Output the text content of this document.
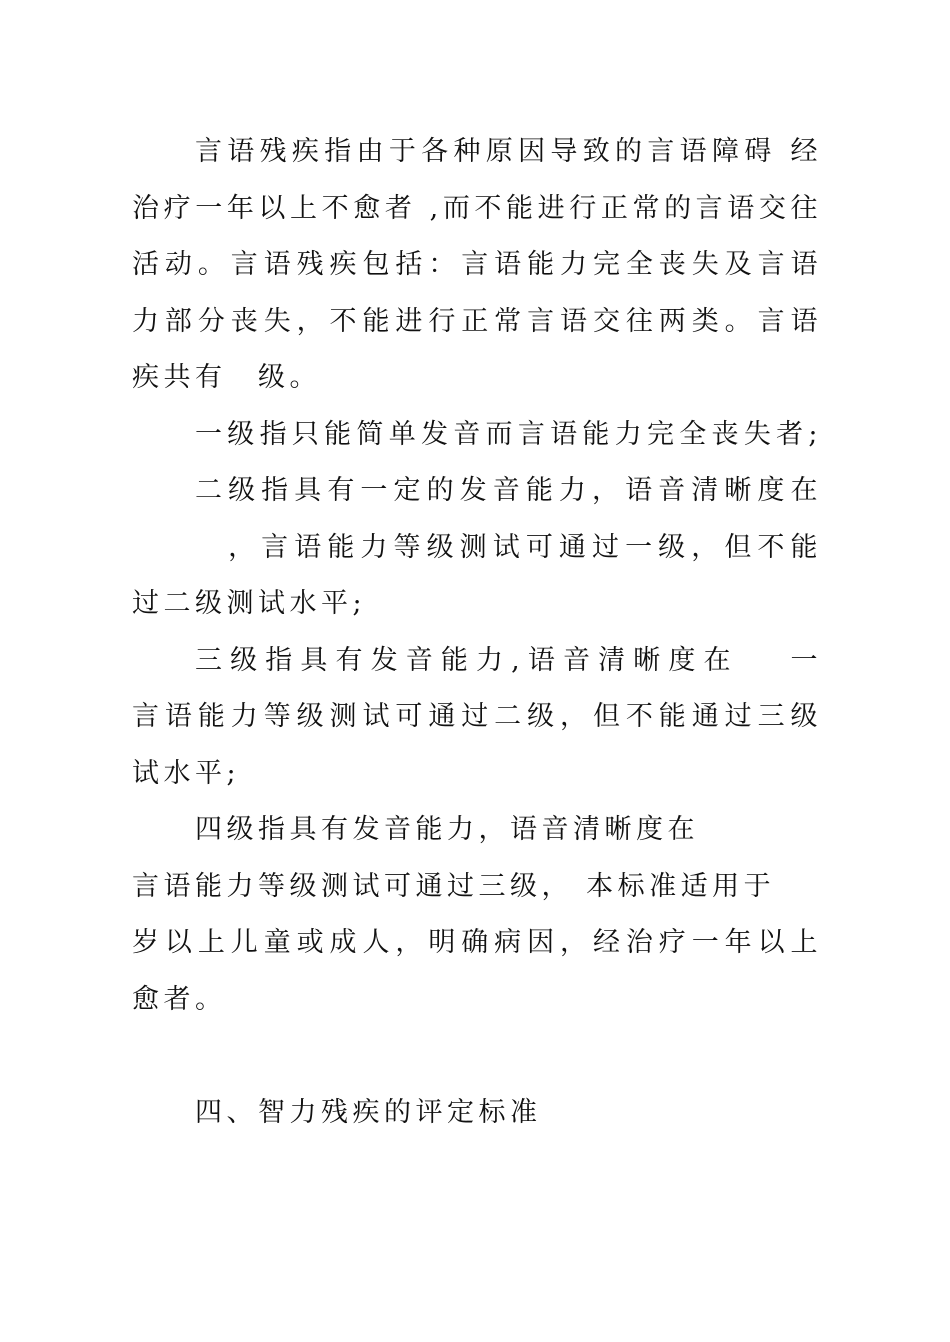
言语残疾指由于各种原因导致的言语障碍 经
治疗一年以上不愈者 ,而不能进行正常的言语交往
活动。言语残疾包括：言语能力完全丧失及言语
力部分丧失，不能进行正常言语交往两类。言语
疾共有　级。
一级指只能简单发音而言语能力完全丧失者;
二级指具有一定的发音能力，语音清晰度在
　，言语能力等级测试可通过一级，但不能
过二级测试水平;
三级指具有发音能力,语音清晰度在　 一 　
言语能力等级测试可通过二级，但不能通过三级
试水平;
四级指具有发音能力，语音清晰度在
言语能力等级测试可通过三级， 本标准适用于
岁以上儿童或成人，明确病因，经治疗一年以上
愈者。
四、智力残疾的评定标准
